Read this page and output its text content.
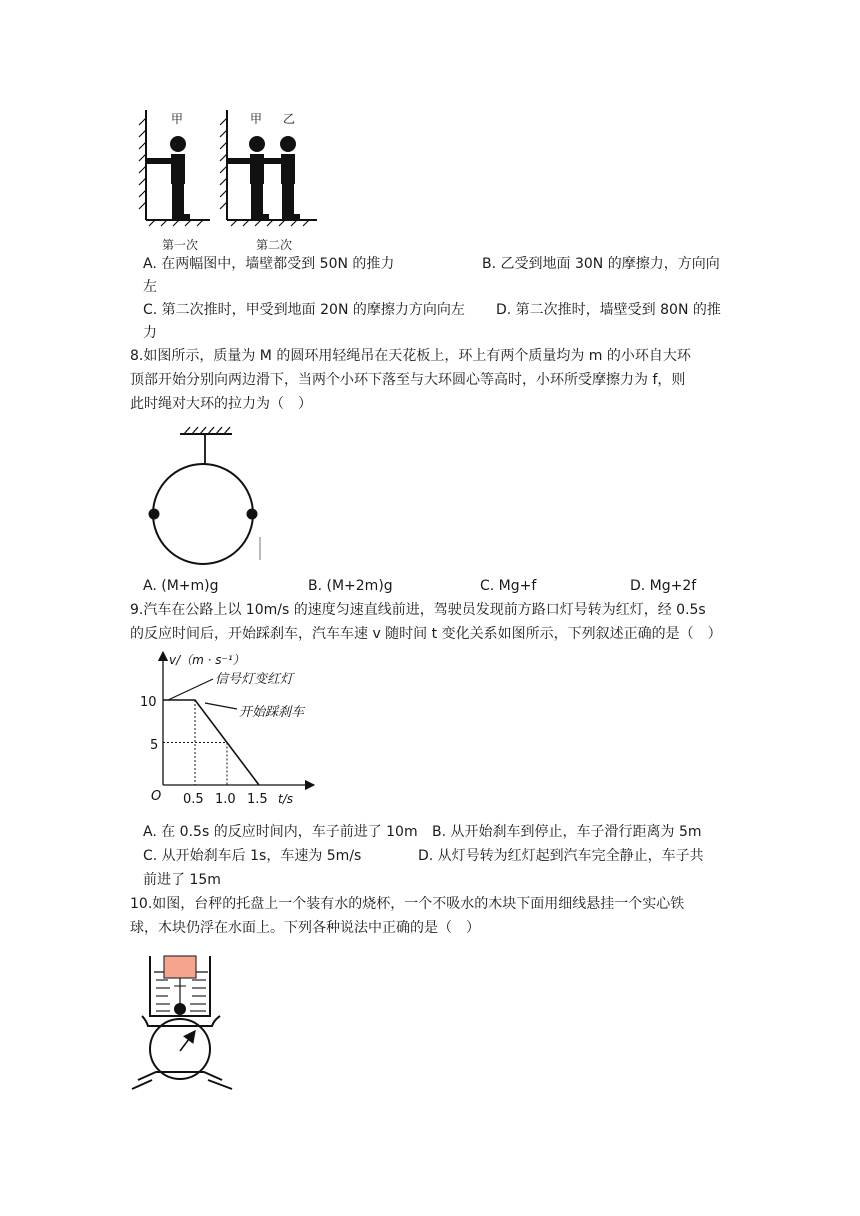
甲	甲 乙
第一次	第二次
A. 在两幅图中，墙壁都受到 50N 的推力	B. 乙受到地面 30N 的摩擦力，方向向
左
C. 第二次推时，甲受到地面 20N 的摩擦力方向向左 D. 第二次推时，墙壁受到 80N 的推
力
8.如图所示，质量为 M 的圆环用轻绳吊在天花板上，环上有两个质量均为 m 的小环自大环
顶部开始分别向两边滑下，当两个小环下落至与大环圆心等高时，小环所受摩擦力为 f，则
此时绳对大环的拉力为（　）
A. (M+m)g	B. (M+2m)g	C. Mg+f	D. Mg+2f
9.汽车在公路上以 10m/s 的速度匀速直线前进，驾驶员发现前方路口灯号转为红灯，经 0.5s
的反应时间后，开始踩刹车，汽车车速 v 随时间 t 变化关系如图所示，下列叙述正确的是（　）
v/（m · s⁻¹）
t/s
O
10
5
0.5 1.0 1.5
信号灯变红灯
开始踩刹车
A. 在 0.5s 的反应时间内，车子前进了 10m B. 从开始刹车到停止，车子滑行距离为 5m
C. 从开始刹车后 1s，车速为 5m/s	D. 从灯号转为红灯起到汽车完全静止，车子共
前进了 15m
10.如图，台秤的托盘上一个装有水的烧杯，一个不吸水的木块下面用细线悬挂一个实心铁
球，木块仍浮在水面上。下列各种说法中正确的是（　）
